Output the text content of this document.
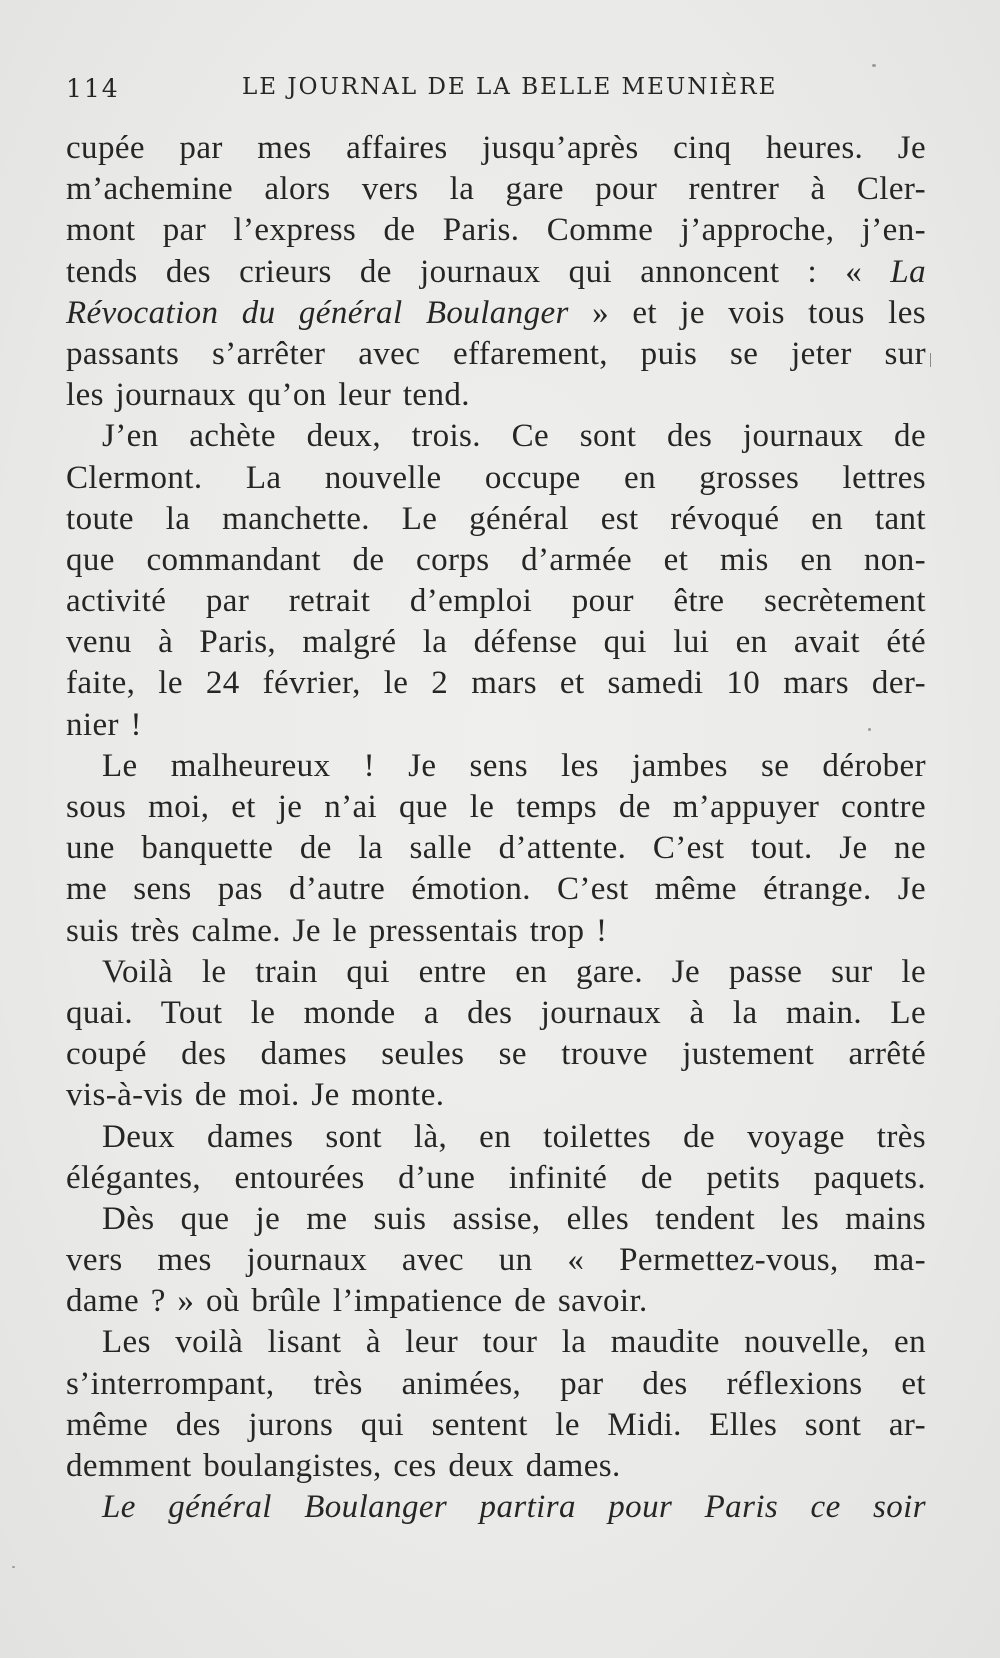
114	LE JOURNAL DE LA BELLE MEUNIÈRE
cupée par mes affaires jusqu’après cinq heures. Je
m’achemine alors vers la gare pour rentrer à Cler-
mont par l’express de Paris. Comme j’approche, j’en-
tends des crieurs de journaux qui annoncent : « La
Révocation du général Boulanger » et je vois tous les
passants s’arrêter avec effarement, puis se jeter sur
les journaux qu’on leur tend.
J’en achète deux, trois. Ce sont des journaux de
Clermont. La nouvelle occupe en grosses lettres
toute la manchette. Le général est révoqué en tant
que commandant de corps d’armée et mis en non-
activité par retrait d’emploi pour être secrètement
venu à Paris, malgré la défense qui lui en avait été
faite, le 24 février, le 2 mars et samedi 10 mars der-
nier !
Le malheureux ! Je sens les jambes se dérober
sous moi, et je n’ai que le temps de m’appuyer contre
une banquette de la salle d’attente. C’est tout. Je ne
me sens pas d’autre émotion. C’est même étrange. Je
suis très calme. Je le pressentais trop !
Voilà le train qui entre en gare. Je passe sur le
quai. Tout le monde a des journaux à la main. Le
coupé des dames seules se trouve justement arrêté
vis-à-vis de moi. Je monte.
Deux dames sont là, en toilettes de voyage très
élégantes, entourées d’une infinité de petits paquets.
Dès que je me suis assise, elles tendent les mains
vers mes journaux avec un « Permettez-vous, ma-
dame ? » où brûle l’impatience de savoir.
Les voilà lisant à leur tour la maudite nouvelle, en
s’interrompant, très animées, par des réflexions et
même des jurons qui sentent le Midi. Elles sont ar-
demment boulangistes, ces deux dames.
Le général Boulanger partira pour Paris ce soir
